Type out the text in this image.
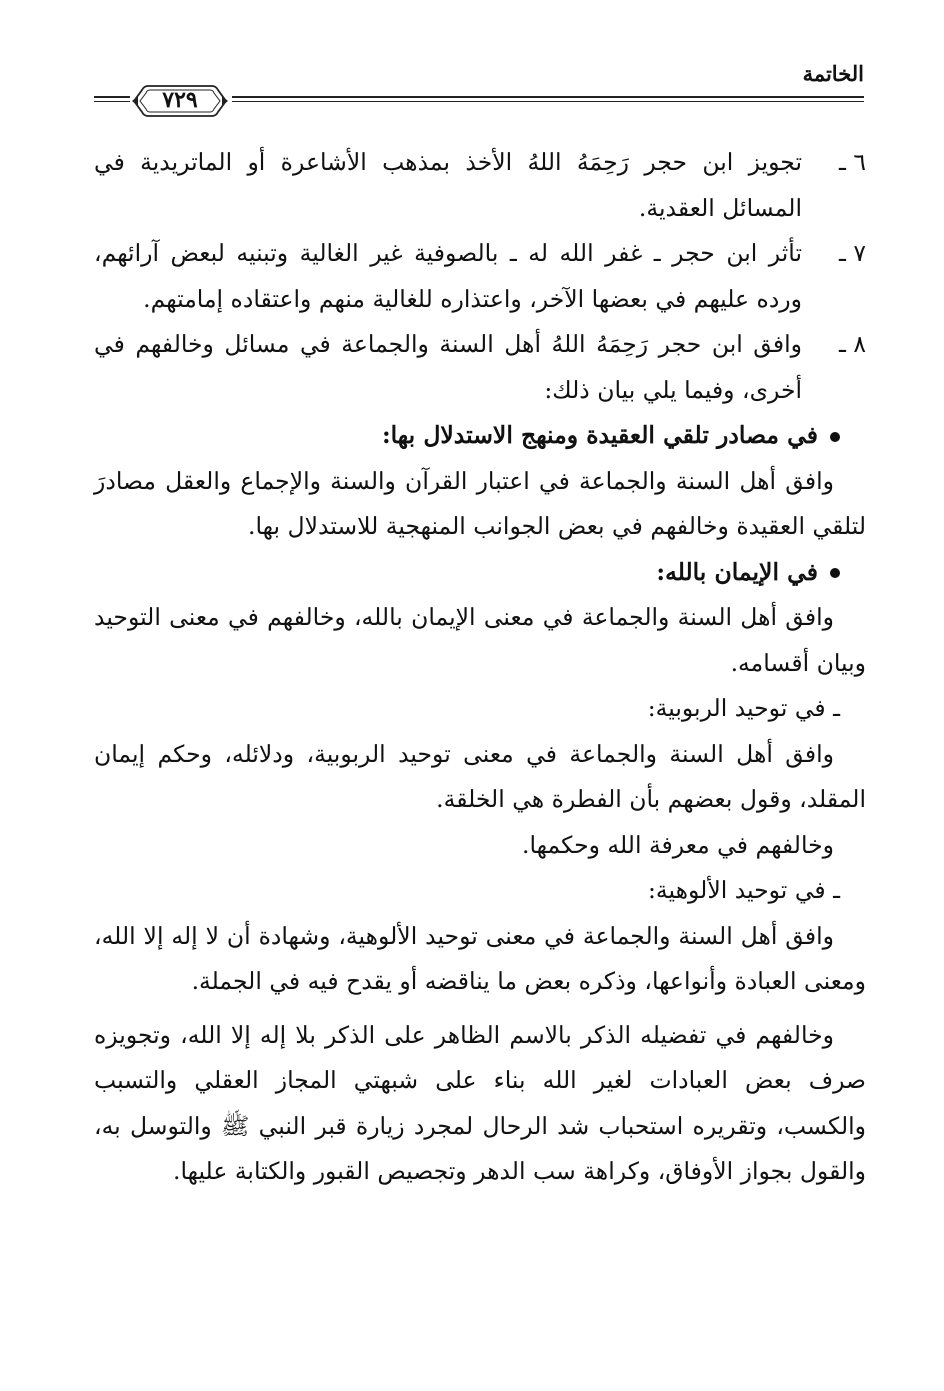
الخاتمة
٧٢٩
٦ ـ
تجويز ابن حجر رَحِمَهُ اللهُ الأخذ بمذهب الأشاعرة أو الماتريدية في المسائل العقدية.
٧ ـ
تأثر ابن حجر ـ غفر الله له ـ بالصوفية غير الغالية وتبنيه لبعض آرائهم، ورده عليهم في بعضها الآخر، واعتذاره للغالية منهم واعتقاده إمامتهم.
٨ ـ
وافق ابن حجر رَحِمَهُ اللهُ أهل السنة والجماعة في مسائل وخالفهم في أخرى، وفيما يلي بيان ذلك:
في مصادر تلقي العقيدة ومنهج الاستدلال بها:
وافق أهل السنة والجماعة في اعتبار القرآن والسنة والإجماع والعقل مصادرَ لتلقي العقيدة وخالفهم في بعض الجوانب المنهجية للاستدلال بها.
في الإيمان بالله:
وافق أهل السنة والجماعة في معنى الإيمان بالله، وخالفهم في معنى التوحيد وبيان أقسامه.
ـ في توحيد الربوبية:
وافق أهل السنة والجماعة في معنى توحيد الربوبية، ودلائله، وحكم إيمان المقلد، وقول بعضهم بأن الفطرة هي الخلقة.
وخالفهم في معرفة الله وحكمها.
ـ في توحيد الألوهية:
وافق أهل السنة والجماعة في معنى توحيد الألوهية، وشهادة أن لا إله إلا الله، ومعنى العبادة وأنواعها، وذكره بعض ما يناقضه أو يقدح فيه في الجملة.
وخالفهم في تفضيله الذكر بالاسم الظاهر على الذكر بلا إله إلا الله، وتجويزه صرف بعض العبادات لغير الله بناء على شبهتي المجاز العقلي والتسبب والكسب، وتقريره استحباب شد الرحال لمجرد زيارة قبر النبي ﷺ والتوسل به، والقول بجواز الأوفاق، وكراهة سب الدهر وتجصيص القبور والكتابة عليها.
